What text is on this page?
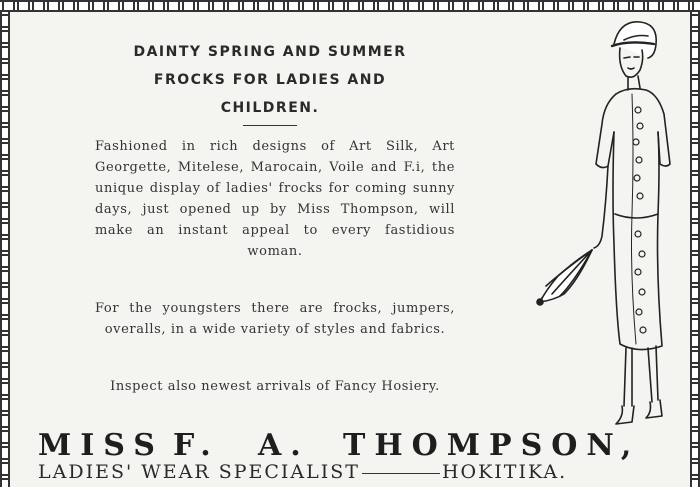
DAINTY SPRING AND SUMMER
FROCKS FOR LADIES AND
CHILDREN.
Fashioned in rich designs of Art Silk, Art Georgette, Mitelese, Marocain, Voile and F.i, the unique display of ladies' frocks for coming sunny days, just opened up by Miss Thompson, will make an instant appeal to every fastidious woman.
For the youngsters there are frocks, jumpers, overalls, in a wide variety of styles and fabrics.
Inspect also newest arrivals of Fancy Hosiery.
MISS F. A. THOMPSON,
LADIES' WEAR SPECIALIST	HOKITIKA.
